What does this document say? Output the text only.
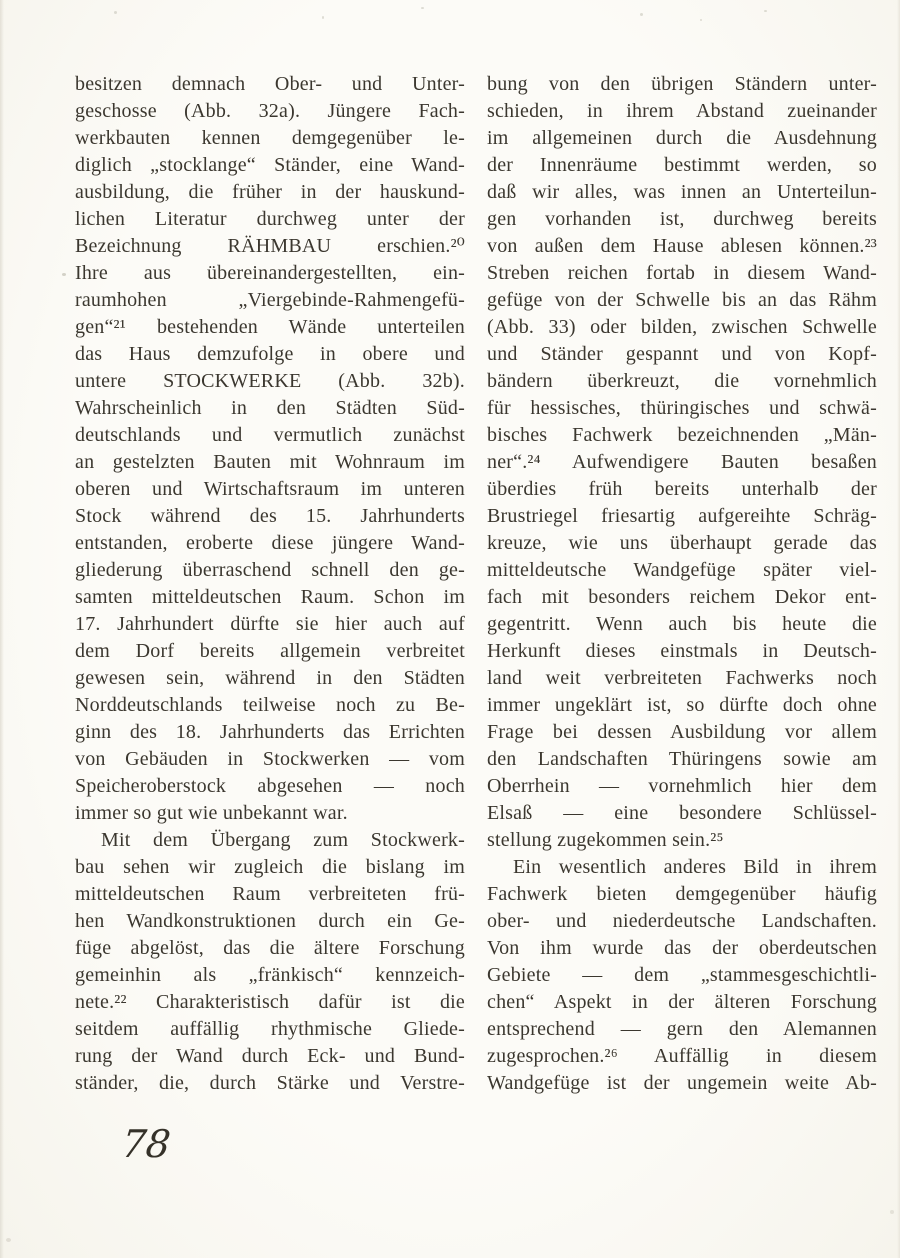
besitzen demnach Ober- und Unter-
geschosse (Abb. 32a). Jüngere Fach-
werkbauten kennen demgegenüber le-
diglich „stocklange“ Ständer, eine Wand-
ausbildung, die früher in der hauskund-
lichen Literatur durchweg unter der
Bezeichnung RÄHMBAU erschien.²⁰
Ihre aus übereinandergestellten, ein-
raumhohen „Viergebinde-Rahmengefü-
gen“²¹ bestehenden Wände unterteilen
das Haus demzufolge in obere und
untere STOCKWERKE (Abb. 32b).
Wahrscheinlich in den Städten Süd-
deutschlands und vermutlich zunächst
an gestelzten Bauten mit Wohnraum im
oberen und Wirtschaftsraum im unteren
Stock während des 15. Jahrhunderts
entstanden, eroberte diese jüngere Wand-
gliederung überraschend schnell den ge-
samten mitteldeutschen Raum. Schon im
17. Jahrhundert dürfte sie hier auch auf
dem Dorf bereits allgemein verbreitet
gewesen sein, während in den Städten
Norddeutschlands teilweise noch zu Be-
ginn des 18. Jahrhunderts das Errichten
von Gebäuden in Stockwerken — vom
Speicheroberstock abgesehen — noch
immer so gut wie unbekannt war.
Mit dem Übergang zum Stockwerk-
bau sehen wir zugleich die bislang im
mitteldeutschen Raum verbreiteten frü-
hen Wandkonstruktionen durch ein Ge-
füge abgelöst, das die ältere Forschung
gemeinhin als „fränkisch“ kennzeich-
nete.²² Charakteristisch dafür ist die
seitdem auffällig rhythmische Gliede-
rung der Wand durch Eck- und Bund-
ständer, die, durch Stärke und Verstre-
bung von den übrigen Ständern unter-
schieden, in ihrem Abstand zueinander
im allgemeinen durch die Ausdehnung
der Innenräume bestimmt werden, so
daß wir alles, was innen an Unterteilun-
gen vorhanden ist, durchweg bereits
von außen dem Hause ablesen können.²³
Streben reichen fortab in diesem Wand-
gefüge von der Schwelle bis an das Rähm
(Abb. 33) oder bilden, zwischen Schwelle
und Ständer gespannt und von Kopf-
bändern überkreuzt, die vornehmlich
für hessisches, thüringisches und schwä-
bisches Fachwerk bezeichnenden „Män-
ner“.²⁴ Aufwendigere Bauten besaßen
überdies früh bereits unterhalb der
Brustriegel friesartig aufgereihte Schräg-
kreuze, wie uns überhaupt gerade das
mitteldeutsche Wandgefüge später viel-
fach mit besonders reichem Dekor ent-
gegentritt. Wenn auch bis heute die
Herkunft dieses einstmals in Deutsch-
land weit verbreiteten Fachwerks noch
immer ungeklärt ist, so dürfte doch ohne
Frage bei dessen Ausbildung vor allem
den Landschaften Thüringens sowie am
Oberrhein — vornehmlich hier dem
Elsaß — eine besondere Schlüssel-
stellung zugekommen sein.²⁵
Ein wesentlich anderes Bild in ihrem
Fachwerk bieten demgegenüber häufig
ober- und niederdeutsche Landschaften.
Von ihm wurde das der oberdeutschen
Gebiete — dem „stammesgeschichtli-
chen“ Aspekt in der älteren Forschung
entsprechend — gern den Alemannen
zugesprochen.²⁶ Auffällig in diesem
Wandgefüge ist der ungemein weite Ab-
78
